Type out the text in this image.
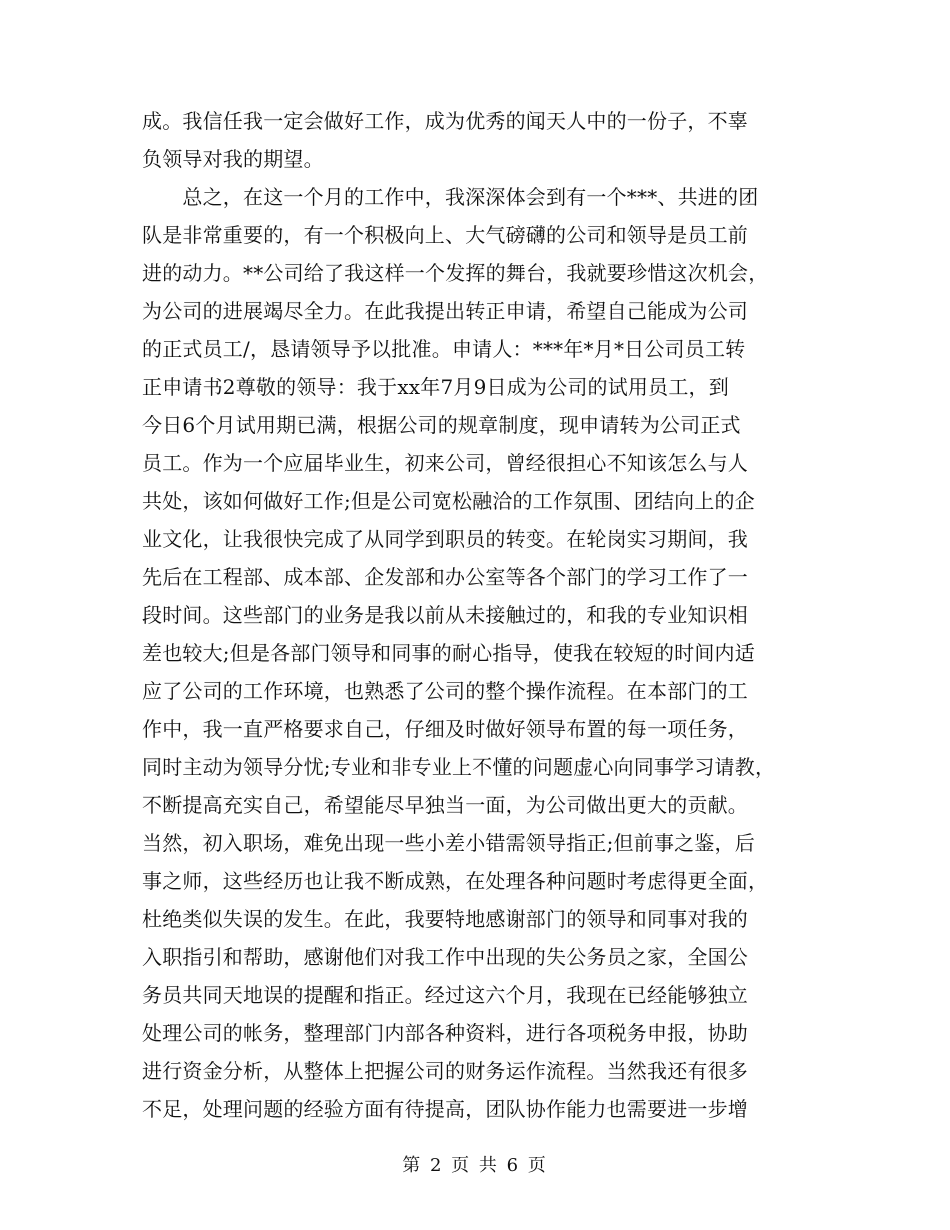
成。我信任我一定会做好工作，成为优秀的闻天人中的一份子，不辜
负领导对我的期望。
　　总之，在这一个月的工作中，我深深体会到有一个***、共进的团
队是非常重要的，有一个积极向上、大气磅礴的公司和领导是员工前
进的动力。**公司给了我这样一个发挥的舞台，我就要珍惜这次机会，
为公司的进展竭尽全力。在此我提出转正申请，希望自己能成为公司
的正式员工/，恳请领导予以批准。申请人：***年*月*日公司员工转
正申请书2尊敬的领导：我于xx年7月9日成为公司的试用员工，到
今日6个月试用期已满，根据公司的规章制度，现申请转为公司正式
员工。作为一个应届毕业生，初来公司，曾经很担心不知该怎么与人
共处，该如何做好工作;但是公司宽松融洽的工作氛围、团结向上的企
业文化，让我很快完成了从同学到职员的转变。在轮岗实习期间，我
先后在工程部、成本部、企发部和办公室等各个部门的学习工作了一
段时间。这些部门的业务是我以前从未接触过的，和我的专业知识相
差也较大;但是各部门领导和同事的耐心指导，使我在较短的时间内适
应了公司的工作环境，也熟悉了公司的整个操作流程。在本部门的工
作中，我一直严格要求自己，仔细及时做好领导布置的每一项任务，
同时主动为领导分忧;专业和非专业上不懂的问题虚心向同事学习请教，
不断提高充实自己，希望能尽早独当一面，为公司做出更大的贡献。
当然，初入职场，难免出现一些小差小错需领导指正;但前事之鉴，后
事之师，这些经历也让我不断成熟，在处理各种问题时考虑得更全面，
杜绝类似失误的发生。在此，我要特地感谢部门的领导和同事对我的
入职指引和帮助，感谢他们对我工作中出现的失公务员之家，全国公
务员共同天地误的提醒和指正。经过这六个月，我现在已经能够独立
处理公司的帐务，整理部门内部各种资料，进行各项税务申报，协助
进行资金分析，从整体上把握公司的财务运作流程。当然我还有很多
不足，处理问题的经验方面有待提高，团队协作能力也需要进一步增
第 2 页 共 6 页
